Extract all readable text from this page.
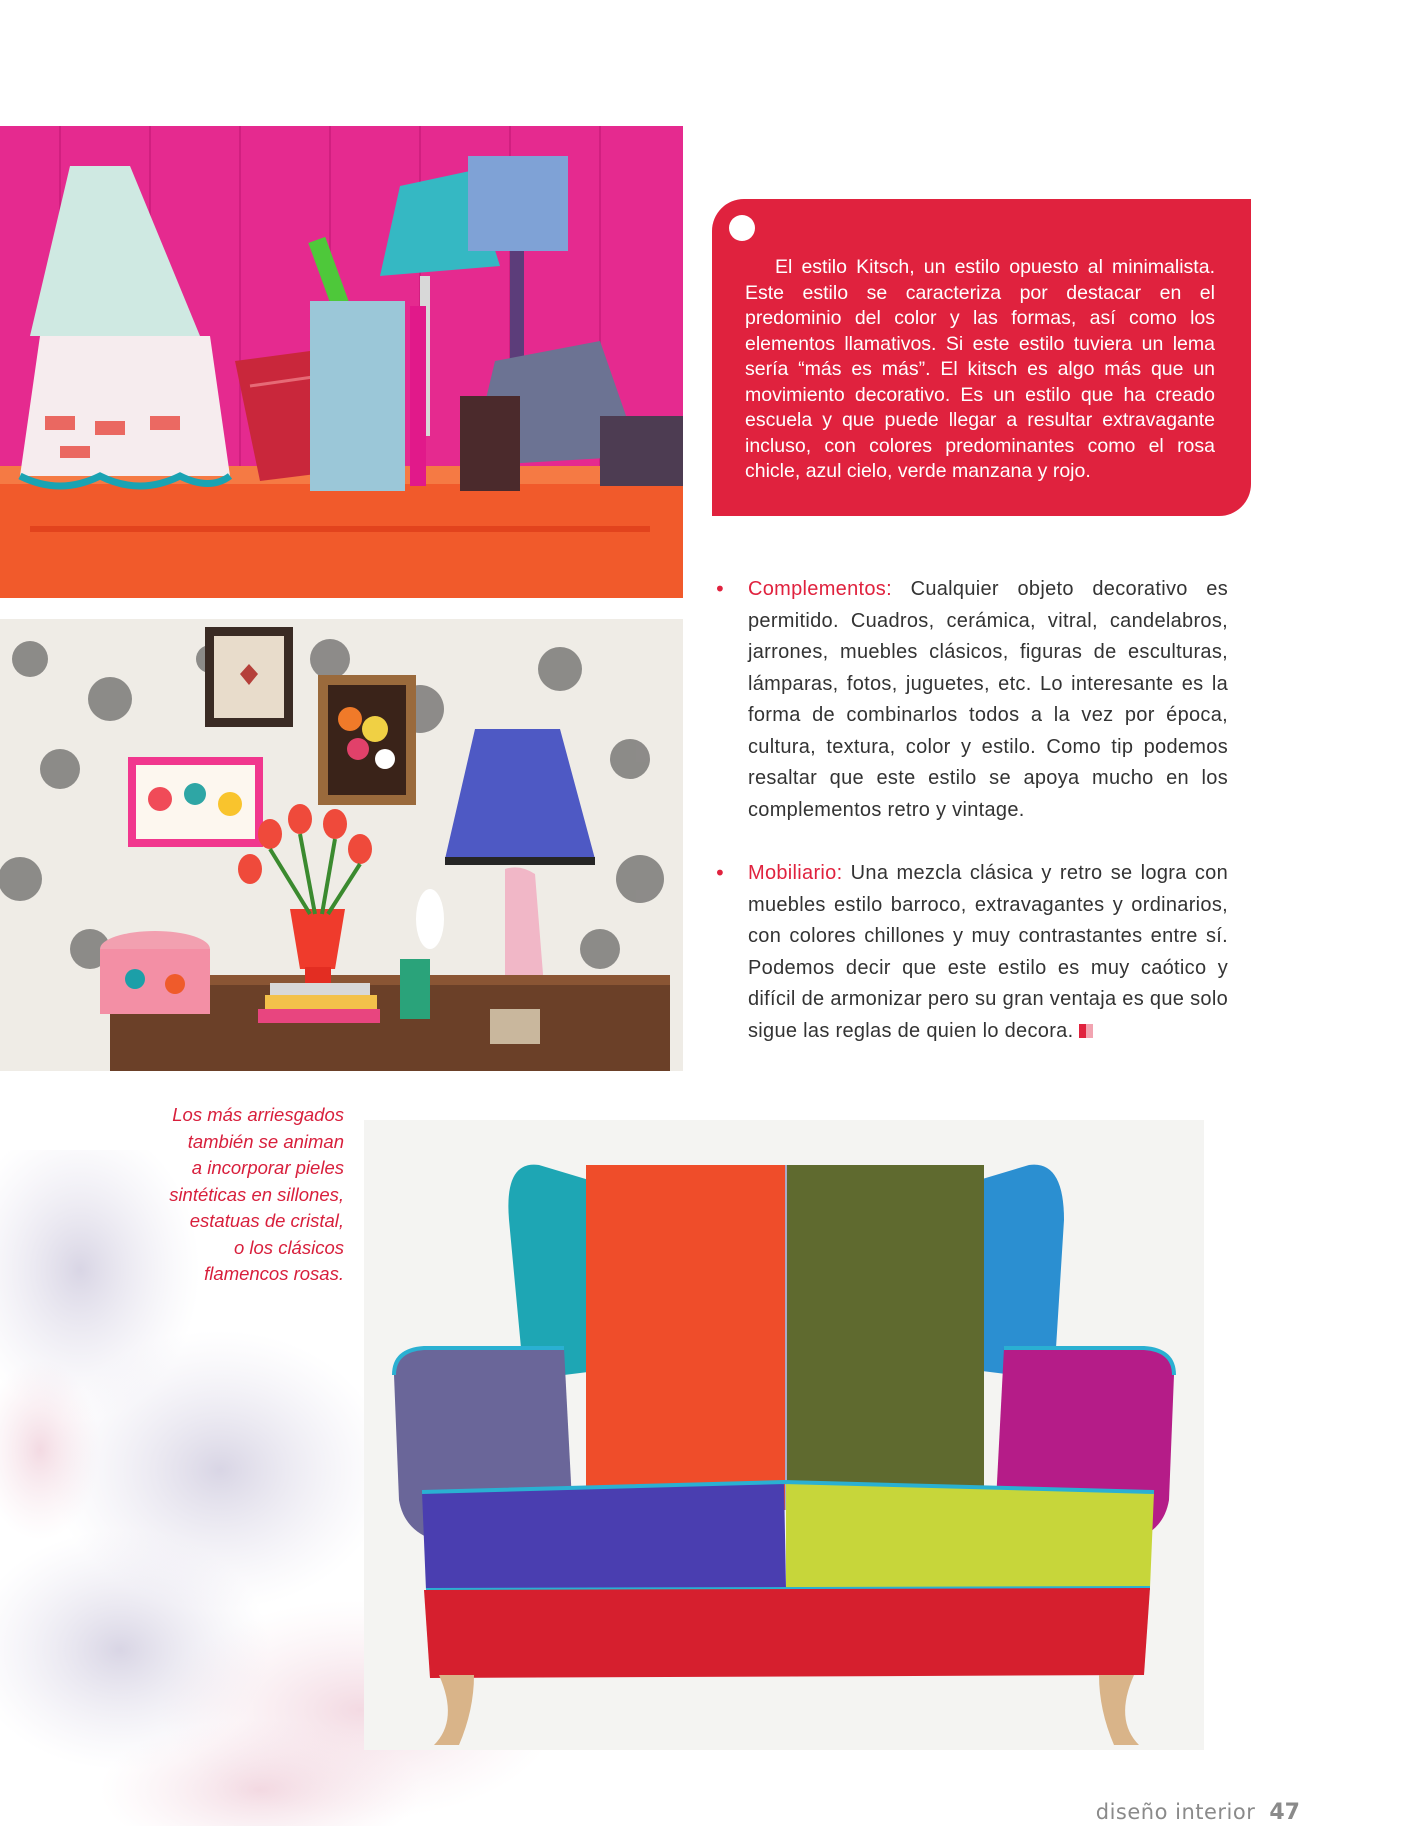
El estilo Kitsch, un estilo opuesto al minimalista. Este estilo se caracteriza por destacar en el predominio del color y las formas, así como los elementos llamativos. Si este estilo tuviera un lema sería “más es más”. El kitsch es algo más que un movimiento decorativo. Es un estilo que ha creado escuela y que puede llegar a resultar extravagante incluso, con colores predominantes como el rosa chicle, azul cielo, verde manzana y rojo.

• Complementos: Cualquier objeto decorativo es permitido. Cuadros, cerámica, vitral, candelabros, jarrones, muebles clásicos, figuras de esculturas, lámparas, fotos, juguetes, etc. Lo interesante es la forma de combinarlos todos a la vez por época, cultura, textura, color y estilo. Como tip podemos resaltar que este estilo se apoya mucho en los complementos retro y vintage.

• Mobiliario: Una mezcla clásica y retro se logra con muebles estilo barroco, extravagantes y ordinarios, con colores chillones y muy contrastantes entre sí. Podemos decir que este estilo es muy caótico y difícil de armonizar pero su gran ventaja es que solo sigue las reglas de quien lo decora.

Los más arriesgados
también se animan
a incorporar pieles
sintéticas en sillones,
estatuas de cristal,
o los clásicos
flamencos rosas.
diseño interior 47
